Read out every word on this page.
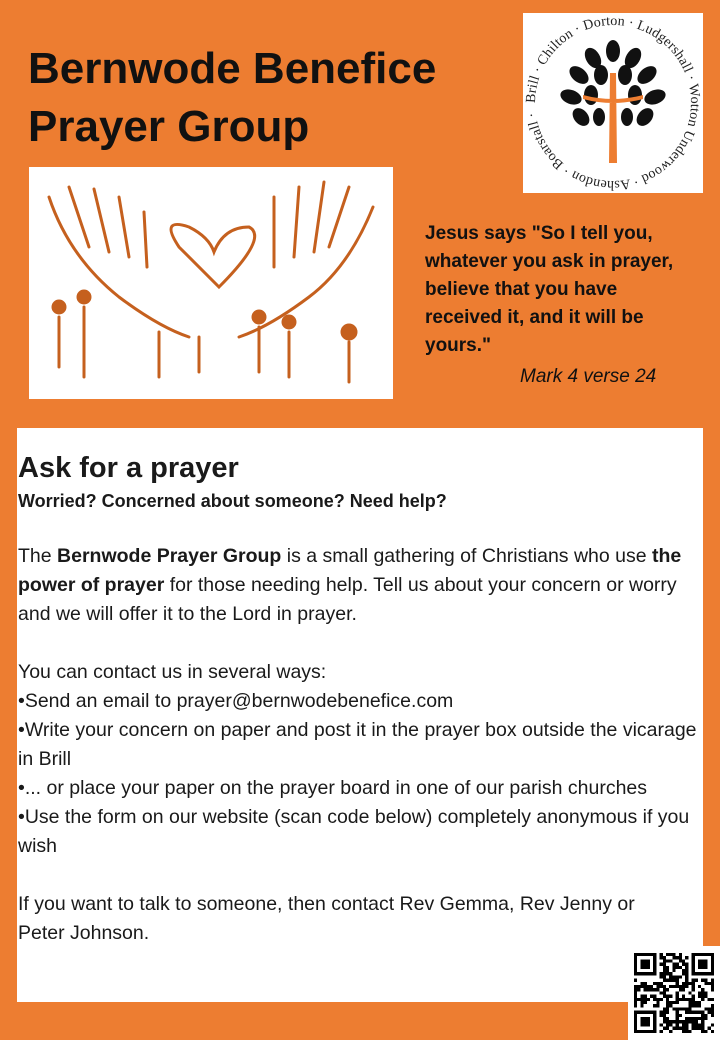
Bernwode Benefice
Prayer Group
Brill · Chilton · Dorton · Ludgershall · Wotton Underwood · Ashendon · Boarstall ·
Jesus says "So I tell you, whatever you ask in prayer, believe that you have received it, and it will be yours."
Mark 4 verse 24
Ask for a prayer
Worried? Concerned about someone? Need help?

The Bernwode Prayer Group is a small gathering of Christians who use the power of prayer for those needing help. Tell us about your concern or worry and we will offer it to the Lord in prayer.

You can contact us in several ways:

•Send an email to prayer@bernwodebenefice.com

•Write your concern on paper and post it in the prayer box outside the vicarage in Brill

•... or place your paper on the prayer board in one of our parish churches

•Use the form on our website (scan code below) completely anonymous if you wish

If you want to talk to someone, then contact Rev Gemma, Rev Jenny or Peter Johnson.
